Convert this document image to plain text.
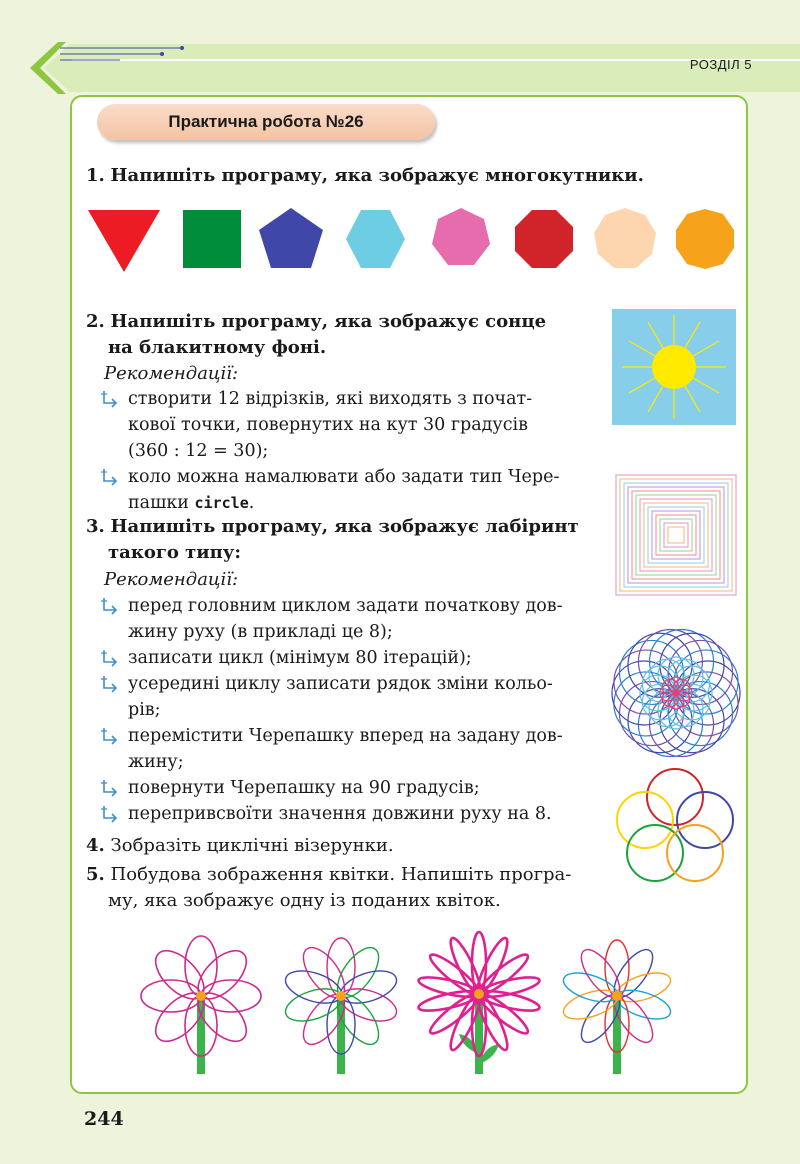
РОЗДІЛ 5
Практична робота №26
1. Напишіть програму, яка зображує многокутники.
2. Напишіть програму, яка зображує сонце
на блакитному фоні.
Рекомендації:
створити 12 відрізків, які виходять з почат-
кової точки, повернутих на кут 30 градусів
(360 : 12 = 30);
коло можна намалювати або задати тип Чере-
пашки circle.
3. Напишіть програму, яка зображує лабіринт
такого типу:
Рекомендації:
перед головним циклом задати початкову дов-
жину руху (в прикладі це 8);
записати цикл (мінімум 80 ітерацій);
усередині циклу записати рядок зміни кольо-
рів;
перемістити Черепашку вперед на задану дов-
жину;
повернути Черепашку на 90 градусів;
перепривсвоїти значення довжини руху на 8.
4. Зобразіть циклічні візерунки.
5. Побудова зображення квітки. Напишіть програ-
му, яка зображує одну із поданих квіток.
244
